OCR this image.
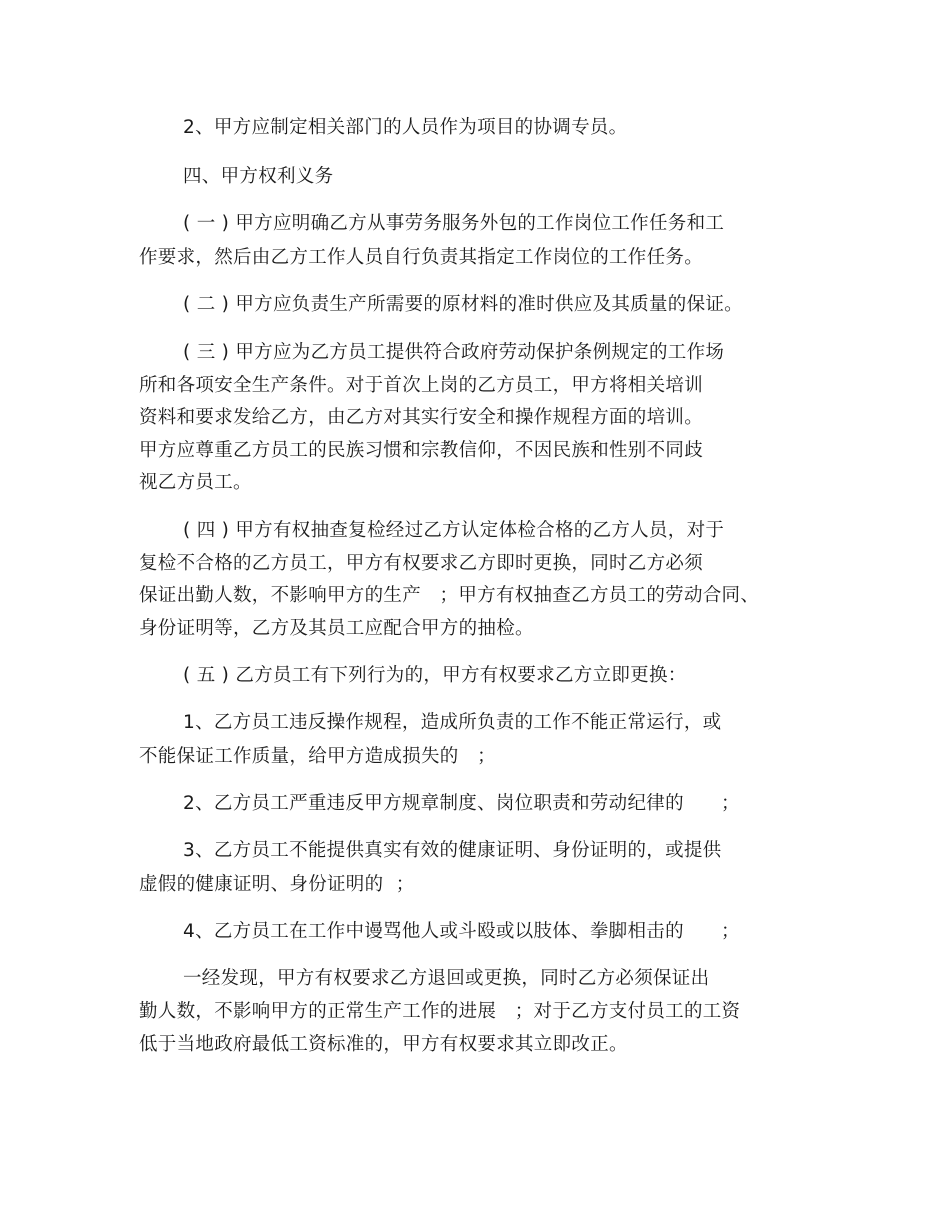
2、甲方应制定相关部门的人员作为项目的协调专员。
四、甲方权利义务
( 一 ) 甲方应明确乙方从事劳务服务外包的工作岗位工作任务和工
作要求，然后由乙方工作人员自行负责其指定工作岗位的工作任务。
( 二 ) 甲方应负责生产所需要的原材料的准时供应及其质量的保证。
( 三 ) 甲方应为乙方员工提供符合政府劳动保护条例规定的工作场
所和各项安全生产条件。对于首次上岗的乙方员工，甲方将相关培训
资料和要求发给乙方，由乙方对其实行安全和操作规程方面的培训。
甲方应尊重乙方员工的民族习惯和宗教信仰，不因民族和性别不同歧
视乙方员工。
( 四 ) 甲方有权抽查复检经过乙方认定体检合格的乙方人员，对于
复检不合格的乙方员工，甲方有权要求乙方即时更换，同时乙方必须
保证出勤人数，不影响甲方的生产   ；甲方有权抽查乙方员工的劳动合同、
身份证明等，乙方及其员工应配合甲方的抽检。
( 五 ) 乙方员工有下列行为的，甲方有权要求乙方立即更换：
1、乙方员工违反操作规程，造成所负责的工作不能正常运行，或
不能保证工作质量，给甲方造成损失的   ；
2、乙方员工严重违反甲方规章制度、岗位职责和劳动纪律的      ；
3、乙方员工不能提供真实有效的健康证明、身份证明的，或提供
虚假的健康证明、身份证明的  ；
4、乙方员工在工作中谩骂他人或斗殴或以肢体、拳脚相击的      ；
一经发现，甲方有权要求乙方退回或更换，同时乙方必须保证出
勤人数，不影响甲方的正常生产工作的进展   ；对于乙方支付员工的工资
低于当地政府最低工资标准的，甲方有权要求其立即改正。
